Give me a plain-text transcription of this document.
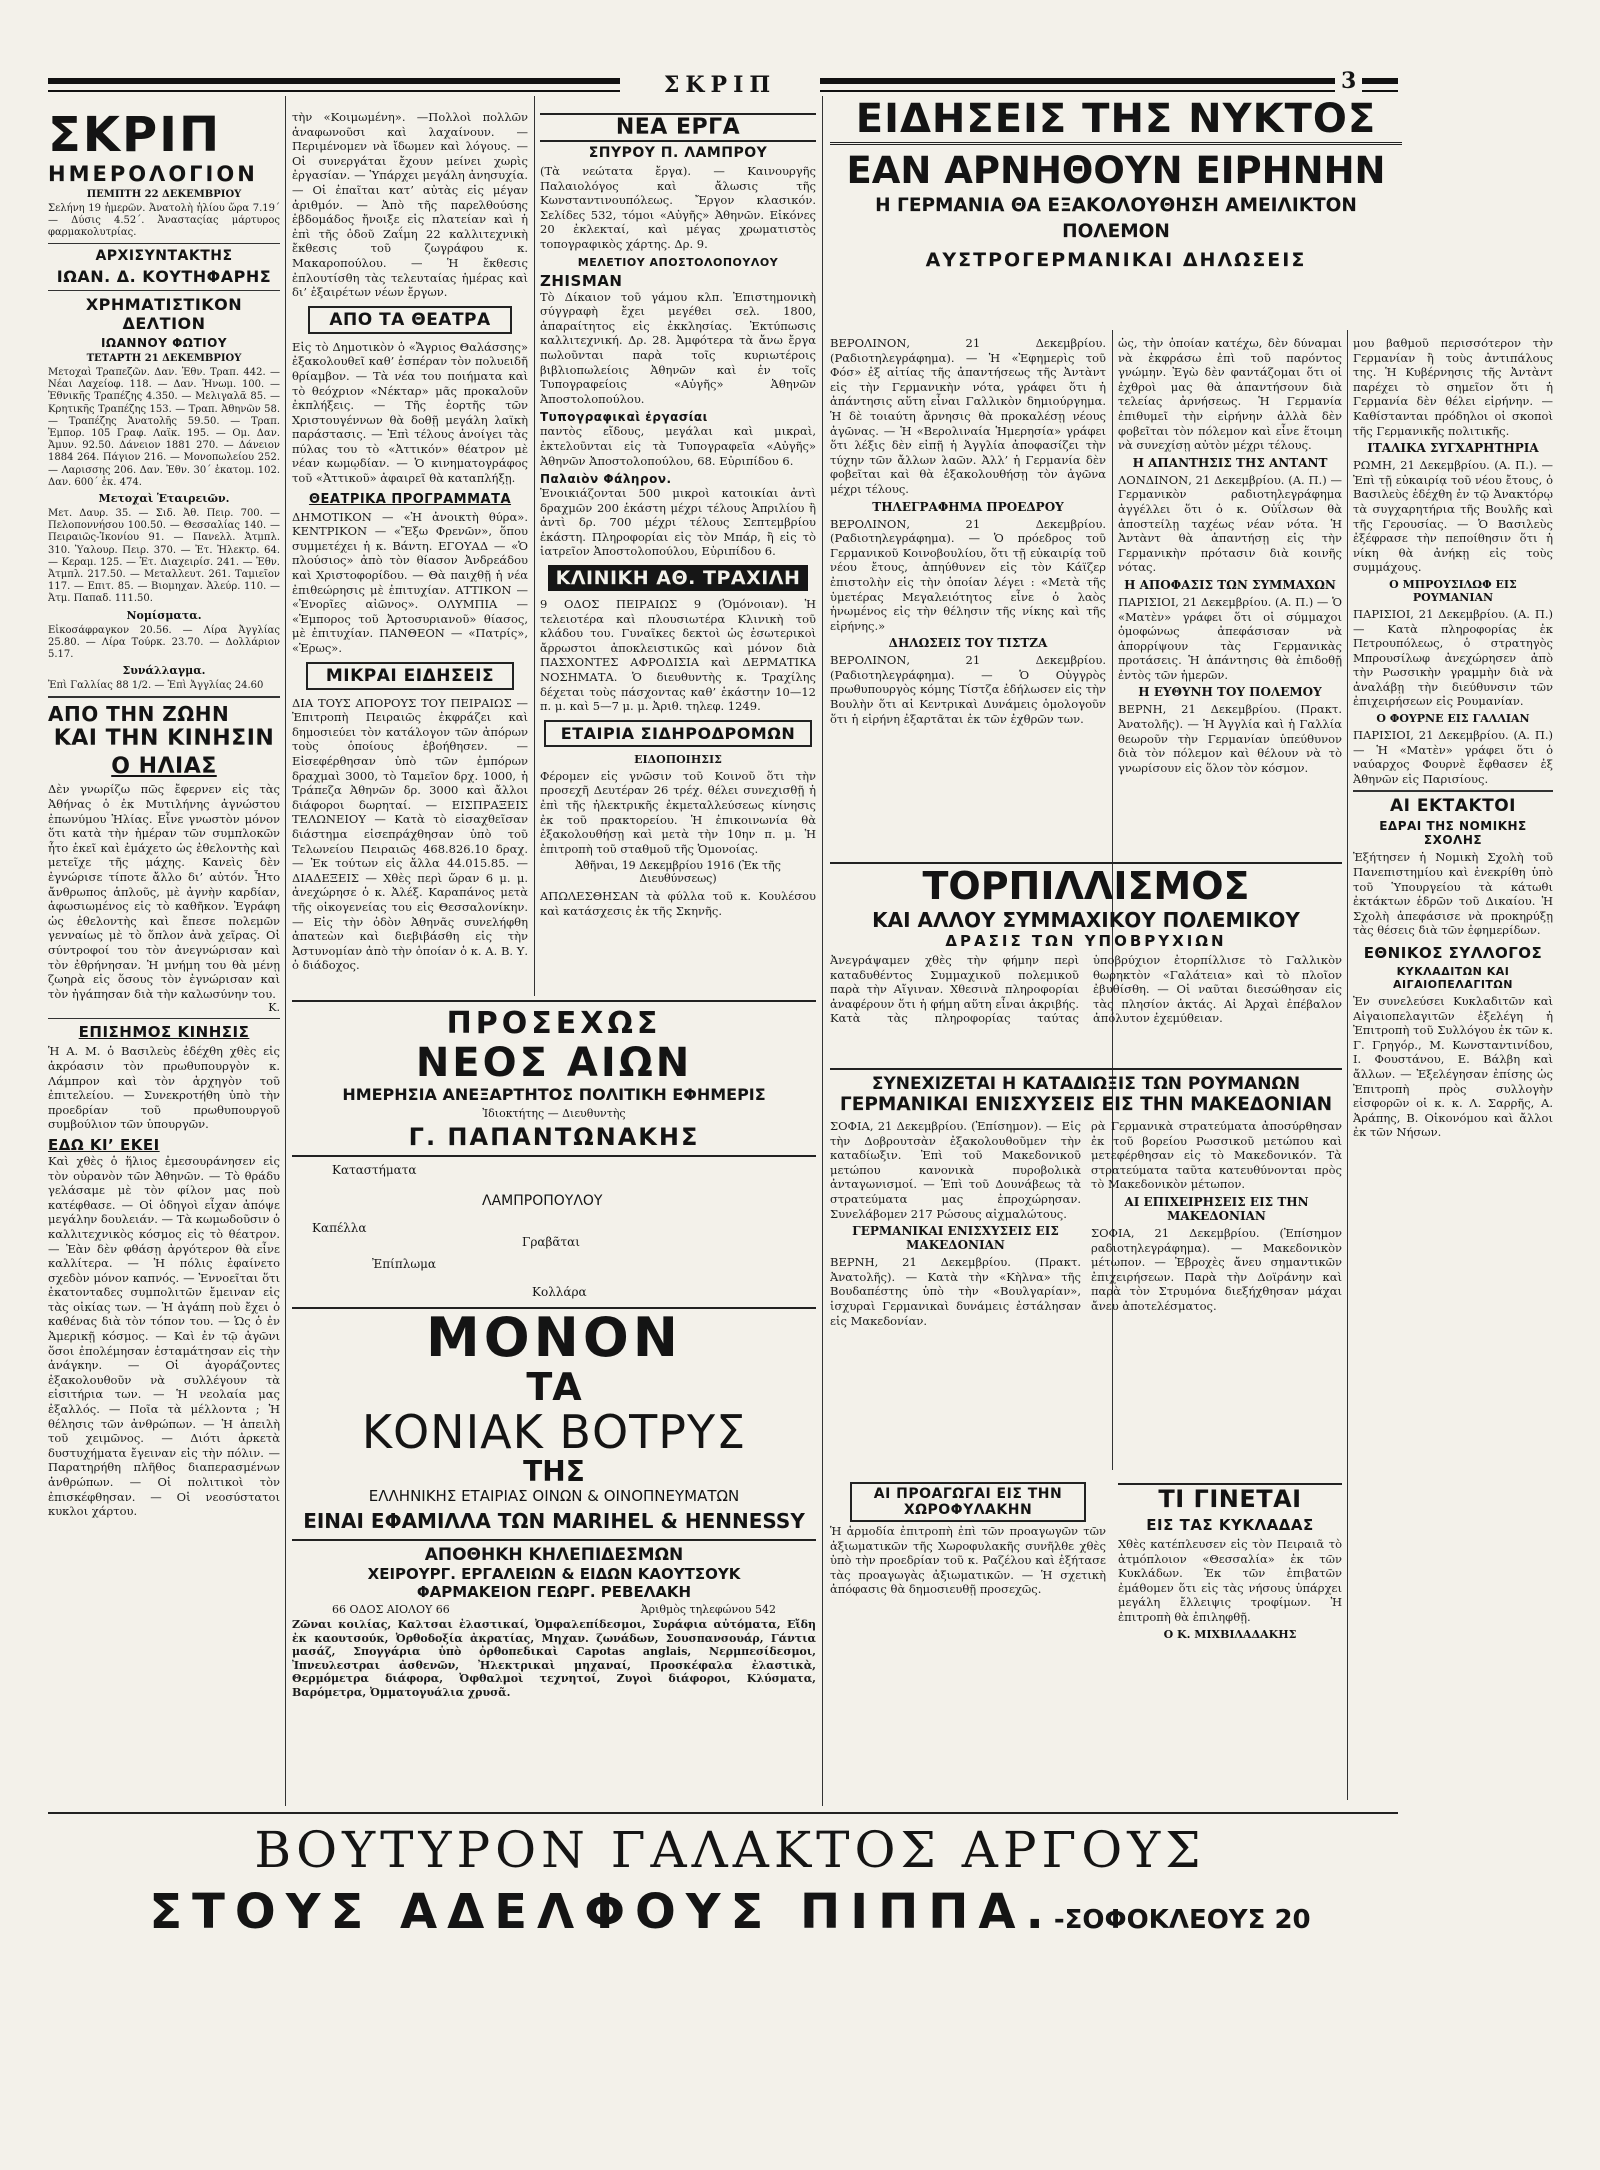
ΣΚΡΙΠ	3
ΣΚΡΙΠ
ΗΜΕΡΟΛΟΓΙΟΝ
ΠΕΜΠΤΗ 22 ΔΕΚΕΜΒΡΙΟΥ
Σελήνη 19 ἡμερῶν. Ἀνατολὴ ἡλίου ὥρα 7.19΄ — Δύσις 4.52΄. Ἀνασταςίας μάρτυρος φαρμακολυτρίας.
ΑΡΧΙΣΥΝΤΑΚΤΗΣ
ΙΩΑΝ. Δ. ΚΟΥΤΗΦΑΡΗΣ
ΧΡΗΜΑΤΙΣΤΙΚΟΝ ΔΕΛΤΙΟΝ
ΙΩΑΝΝΟΥ ΦΩΤΙΟΥ
ΤΕΤΑΡΤΗ 21 ΔΕΚΕΜΒΡΙΟΥ
Μετοχαὶ Τραπεζῶν. Δαν. Ἐθν. Τραπ. 442. — Νέαι Λαχείοφ. 118. — Δαν. Ἡνωμ. 100. — Ἐθνικῆς Τραπέζης 4.350. — Μελιγαλᾶ 85. — Κρητικῆς Τραπέζης 153. — Τραπ. Ἀθηνῶν 58. — Τραπέζης Ἀνατολῆς 59.50. — Τραπ. Ἐμπορ. 105 Γραφ. Λαϊκ. 195. — Ομ. Δαν. Ἀμυν. 92.50. Δάνειον 1881 270. — Δάνειον 1884 264. Πάγιον 216. — Μονοπωλείου 252. — Λαρισσης 206. Δαν. Ἐθν. 30΄ ἑκατομ. 102. Δαν. 600΄ ἑκ. 474.
Μετοχαὶ Ἑταιρειῶν.
Μετ. Δαυρ. 35. — Σιδ. Ἀθ. Πειρ. 700. — Πελοποννήσου 100.50. — Θεσσαλίας 140. — Πειραιῶς-Ἰκονίου 91. — Πανελλ. Ἀτμπλ. 310. Ὑαλουρ. Πειρ. 370. — Ἐτ. Ἠλεκτρ. 64. — Κεραμ. 125. — Ἐτ. Διαχειρίσ. 241. — Ἐθν. Ἀτμπλ. 217.50. — Μεταλλευτ. 261. Ταμιεῖον 117. — Επιτ. 85. — Βιομηχαν. Ἀλεύρ. 110. — Ἀτμ. Παπαδ. 111.50.
Νομίσματα.
Εἰκοσάφραγκον 20.56. — Λίρα Ἀγγλίας 25.80. — Λίρα Τούρκ. 23.70. — Δολλάριον 5.17.
Συνάλλαγμα.
Ἐπὶ Γαλλίας 88 1/2. — Ἐπὶ Ἀγγλίας 24.60
ΑΠΟ ΤΗΝ ΖΩΗΝ
ΚΑΙ ΤΗΝ ΚΙΝΗΣΙΝ
Ο ΗΛΙΑΣ
Δὲν γνωρίζω πῶς ἔφερνεν εἰς τὰς Ἀθήνας ὁ ἐκ Μυτιλήνης ἀγνώστου ἐπωνύμου Ἡλίας. Εἶνε γνωστὸν μόνον ὅτι κατὰ τὴν ἡμέραν τῶν συμπλοκῶν ἦτο ἐκεῖ καὶ ἐμάχετο ὡς ἐθελοντὴς καὶ μετεῖχε τῆς μάχης. Κανεὶς δὲν ἐγνώρισε τίποτε ἄλλο δι’ αὐτόν. Ἦτο ἄνθρωπος ἁπλοῦς, μὲ ἀγνὴν καρδίαν, ἀφωσιωμένος εἰς τὸ καθῆκον. Ἐγράφη ὡς ἐθελοντὴς καὶ ἔπεσε πολεμῶν γενναίως μὲ τὸ ὅπλον ἀνὰ χεῖρας. Οἱ σύντροφοί του τὸν ἀνεγνώρισαν καὶ τὸν ἐθρήνησαν. Ἡ μνήμη του θὰ μένῃ ζωηρὰ εἰς ὅσους τὸν ἐγνώρισαν καὶ τὸν ἠγάπησαν διὰ τὴν καλωσύνην του.
Κ.
ΕΠΙΣΗΜΟΣ ΚΙΝΗΣΙΣ
Ἡ Α. Μ. ὁ Βασιλεὺς ἐδέχθη χθὲς εἰς ἀκρόασιν τὸν πρωθυπουργὸν κ. Λάμπρον καὶ τὸν ἀρχηγὸν τοῦ ἐπιτελείου. — Συνεκροτήθη ὑπὸ τὴν προεδρίαν τοῦ πρωθυπουργοῦ συμβούλιον τῶν ὑπουργῶν.
ΕΔΩ ΚΙ’ ΕΚΕΙ
Καὶ χθὲς ὁ ἥλιος ἐμεσουράνησεν εἰς τὸν οὐρανὸν τῶν Ἀθηνῶν. — Τὸ θράδυ γελάσαμε μὲ τὸν φίλον μας ποὺ κατέφθασε. — Οἱ ὀδηγοὶ εἶχαν ἀπόψε μεγάλην δουλειάν. — Τὰ κωμωδοῦσιν ὁ καλλιτεχνικὸς κόσμος εἰς τὸ θέατρον. — Ἐὰν δὲν φθάσῃ ἀργότερον θὰ εἶνε καλλίτερα. — Ἡ πόλις ἐφαίνετο σχεδὸν μόνον καπνός. — Ἐννοεῖται ὅτι ἐκατονταδες συμπολιτῶν ἔμειναν εἰς τὰς οἰκίας των. — Ἡ ἀγάπη ποὺ ἔχει ὁ καθένας διὰ τὸν τόπον του. — Ὡς ὁ ἐν Ἀμερικῇ κόσμος. — Καὶ ἐν τῷ ἀγῶνι ὅσοι ἐπολέμησαν ἐσταμάτησαν εἰς τὴν ἀνάγκην. — Οἱ ἀγοράζοντες ἐξακολουθοῦν νὰ συλλέγουν τὰ εἰσιτήρια των. — Ἡ νεολαία μας ἐξαλλός. — Ποῖα τὰ μέλλοντα ; Ἡ θέλησις τῶν ἀνθρώπων. — Ἡ ἀπειλὴ τοῦ χειμῶνος. — Διότι ἀρκετὰ δυστυχήματα ἔγειναν εἰς τὴν πόλιν. — Παρατηρήθη πλῆθος διαπερασμένων ἀνθρώπων. — Οἱ πολιτικοὶ τὸν ἐπισκέφθησαν. — Οἱ νεοσύστατοι κυκλοι χάρτου.
τὴν «Κοιμωμένη». —Πολλοὶ πολλῶν ἀναφωνοῦσι καὶ λαχαίνουν. — Περιμένομεν νὰ ἴδωμεν καὶ λόγους. — Οἱ συνεργάται ἔχουν μείνει χωρὶς ἐργασίαν. — Ὑπάρχει μεγάλη ἀνησυχία. — Οἱ ἐπαῖται κατ’ αὐτὰς εἰς μέγαν ἀριθμόν. — Ἀπὸ τῆς παρελθούσης ἑβδομάδος ἤνοιξε εἰς πλατείαν καὶ ἡ ἐπὶ τῆς ὁδοῦ Ζαΐμη 22 καλλιτεχνικὴ ἔκθεσις τοῦ ζωγράφου κ. Μακαροπούλου. — Ἡ ἔκθεσις ἐπλουτίσθη τὰς τελευταίας ἡμέρας καὶ δι’ ἐξαιρέτων νέων ἔργων.
ΑΠΟ ΤΑ ΘΕΑΤΡΑ
Εἰς τὸ Δημοτικὸν ὁ «Ἄγριος Θαλάσσης» ἐξακολουθεῖ καθ’ ἑσπέραν τὸν πολυειδῆ θρίαμβον. — Τὰ νέα του ποιήματα καὶ τὸ θεόχριον «Νέκταρ» μᾶς προκαλοῦν ἐκπλήξεις. — Τῆς ἑορτῆς τῶν Χριστουγέννων θὰ δοθῇ μεγάλη λαϊκὴ παράστασις. — Ἐπὶ τέλους ἀνοίγει τὰς πύλας του τὸ «Ἀττικόν» θέατρον μὲ νέαν κωμῳδίαν. — Ὁ κινηματογράφος τοῦ «Ἀττικοῦ» ἀφαιρεῖ θὰ καταπλήξῃ.
ΘΕΑΤΡΙΚΑ ΠΡΟΓΡΑΜΜΑΤΑ
ΔΗΜΟΤΙΚΟΝ — «Ἡ ἀνοικτὴ θύρα». ΚΕΝΤΡΙΚΟΝ — «Ἔξω Φρενῶν», ὅπου συμμετέχει ἡ κ. Βάντη. ΕΓΟΥΑΔ — «Ὁ πλούσιος» ἀπὸ τὸν θίασον Ἀνδρεάδου καὶ Χριστοφορίδου. — Θὰ παιχθῇ ἡ νέα ἐπιθεώρησις μὲ ἐπιτυχίαν. ΑΤΤΙΚΟΝ — «Ἐνορῖες αἰῶνος». ΟΛΥΜΠΙΑ — «Ἑμπορος τοῦ Ἀρτοσυριανοῦ» θίασος, μὲ ἐπιτυχίαν. ΠΑΝΘΕΟΝ — «Πατρίς», «Ἑρως».
ΜΙΚΡΑΙ ΕΙΔΗΣΕΙΣ
ΔΙΑ ΤΟΥΣ ΑΠΟΡΟΥΣ ΤΟΥ ΠΕΙΡΑΙΩΣ — Ἐπιτροπὴ Πειραιῶς ἐκφράζει καὶ δημοσιεύει τὸν κατάλογον τῶν ἀπόρων τοὺς ὁποίους ἐβοήθησεν. — Εἰσεφέρθησαν ὑπὸ τῶν ἐμπόρων δραχμαὶ 3000, τὸ Ταμεῖον δρχ. 1000, ἡ Τράπεζα Ἀθηνῶν δρ. 3000 καὶ ἄλλοι διάφοροι δωρηταί. — ΕΙΣΠΡΑΞΕΙΣ ΤΕΛΩΝΕΙΟΥ — Κατὰ τὸ εἰσαχθεῖσαν διάστημα εἰσεπράχθησαν ὑπὸ τοῦ Τελωνείου Πειραιῶς 468.826.10 δραχ. — Ἐκ τούτων εἰς ἄλλα 44.015.85. — ΔΙΑΔΕΞΕΙΣ — Χθὲς περὶ ὥραν 6 μ. μ. ἀνεχώρησε ὁ κ. Ἀλέξ. Καραπάνος μετὰ τῆς οἰκογενείας του εἰς Θεσσαλονίκην. — Εἰς τὴν ὁδὸν Ἀθηνᾶς συνελήφθη ἀπατεὼν καὶ διεβιβάσθη εἰς τὴν Ἀστυνομίαν ἀπὸ τὴν ὁποίαν ὁ κ. Α. Β. Υ. ὁ διάδοχος.
ΝΕΑ ΕΡΓΑ
ΣΠΥΡΟΥ Π. ΛΑΜΠΡΟΥ
(Τὰ νεώτατα ἔργα). — Καινουργῆς Παλαιολόγος καὶ ἄλωσις τῆς Κωνσταντινουπόλεως. Ἔργον κλασικόν. Σελίδες 532, τόμοι «Αὐγῆς» Ἀθηνῶν. Εἰκόνες 20 ἐκλεκταί, καὶ μέγας χρωματιστὸς τοπογραφικὸς χάρτης. Δρ. 9.
ΜΕΛΕΤΙΟΥ ΑΠΟΣΤΟΛΟΠΟΥΛΟΥ
ZHISMAN
Τὸ Δίκαιον τοῦ γάμου κλπ. Ἐπιστημονικὴ σύγγραφὴ ἔχει μεγέθει σελ. 1800, ἀπαραίτητος εἰς ἐκκλησίας. Ἐκτύπωσις καλλιτεχνική. Δρ. 28. Ἀμφότερα τὰ ἄνω ἔργα πωλοῦνται παρὰ τοῖς κυριωτέροις βιβλιοπωλείοις Ἀθηνῶν καὶ ἐν τοῖς Τυπογραφείοις «Αὐγῆς» Ἀθηνῶν Ἀποστολοπούλου.
Τυπογραφικαὶ ἐργασίαι
παντὸς εἴδους, μεγάλαι καὶ μικραὶ, ἐκτελοῦνται εἰς τὰ Τυπογραφεῖα «Αὐγῆς» Ἀθηνῶν Ἀποστολοπούλου, 68. Εὐριπίδου 6.
Παλαιὸν Φάληρον.
Ἐνοικιάζονται 500 μικροὶ κατοικίαι ἀντὶ δραχμῶν 200 ἑκάστη μέχρι τέλους Ἀπριλίου ἢ ἀντὶ δρ. 700 μέχρι τέλους Σεπτεμβρίου ἑκάστη. Πληροφορίαι εἰς τὸν Μπάρ, ἢ εἰς τὸ ἰατρεῖον Ἀποστολοπούλου, Εὐριπίδου 6.
ΚΛΙΝΙΚΗ ΑΘ. ΤΡΑΧΙΛΗ
9 ΟΔΟΣ ΠΕΙΡΑΙΩΣ 9 (Ὁμόνοιαν). Ἡ τελειοτέρα καὶ πλουσιωτέρα Κλινικὴ τοῦ κλάδου του. Γυναῖκες δεκτοὶ ὡς ἐσωτερικοὶ ἄρρωστοι ἀποκλειστικῶς καὶ μόνον διὰ ΠΑΣΧΟΝΤΕΣ ΑΦΡΟΔΙΣΙΑ καὶ ΔΕΡΜΑΤΙΚΑ ΝΟΣΗΜΑΤΑ. Ὁ διευθυντὴς κ. Τραχίλης δέχεται τοὺς πάσχοντας καθ’ ἑκάστην 10—12 π. μ. καὶ 5—7 μ. μ. Ἀριθ. τηλεφ. 1249.
ΕΤΑΙΡΙΑ ΣΙΔΗΡΟΔΡΟΜΩΝ
ΕΙΔΟΠΟΙΗΣΙΣ
Φέρομεν εἰς γνῶσιν τοῦ Κοινοῦ ὅτι τὴν προσεχῆ Δευτέραν 26 τρέχ. θέλει συνεχισθῇ ἡ ἐπὶ τῆς ἠλεκτρικῆς ἐκμεταλλεύσεως κίνησις ἐκ τοῦ πρακτορείου. Ἡ ἐπικοινωνία θὰ ἐξακολουθήσῃ καὶ μετὰ τὴν 10ην π. μ. Ἡ ἐπιτροπὴ τοῦ σταθμοῦ τῆς Ὁμονοίας.
Ἀθῆναι, 19 Δεκεμβρίου 1916 (Ἐκ τῆς Διευθύνσεως)
ΑΠΩΛΕΣΘΗΣΑΝ τὰ φύλλα τοῦ κ. Κουλέσου καὶ κατάσχεσις ἐκ τῆς Σκηνῆς.
ΠΡΟΣΕΧΩΣ
ΝΕΟΣ ΑΙΩΝ
ΗΜΕΡΗΣΙΑ ΑΝΕΞΑΡΤΗΤΟΣ ΠΟΛΙΤΙΚΗ ΕΦΗΜΕΡΙΣ
Ἰδιοκτήτης — Διευθυντὴς
Γ. ΠΑΠΑΝΤΩΝΑΚΗΣ
Καταστήματα
ΛΑΜΠΡΟΠΟΥΛΟΥ
Καπέλλα
Γραβᾶται
Ἐπίπλωμα
Κολλάρα
ΜΟΝΟΝ
ΤΑ
ΚΟΝΙΑΚ ΒΟΤΡΥΣ
ΤΗΣ
ΕΛΛΗΝΙΚΗΣ ΕΤΑΙΡΙΑΣ ΟΙΝΩΝ & ΟΙΝΟΠΝΕΥΜΑΤΩΝ
ΕΙΝΑΙ ΕΦΑΜΙΛΛΑ ΤΩΝ MARIHEL & HENNESSY
ΑΠΟΘΗΚΗ ΚΗΛΕΠΙΔΕΣΜΩΝ
ΧΕΙΡΟΥΡΓ. ΕΡΓΑΛΕΙΩΝ & ΕΙΔΩΝ ΚΑΟΥΤΣΟΥΚ
ΦΑΡΜΑΚΕΙΟΝ ΓΕΩΡΓ. ΡΕΒΕΛΑΚΗ
66 ΟΔΟΣ ΑΙΟΛΟΥ 66	Ἀριθμὸς τηλεφώνου 542
Ζῶναι κοιλίας, Καλτσαι ἐλαστικαί, Ὀμφαλεπίδεσμοι, Συράφια αὐτόματα, Εἴδη ἐκ καουτσούκ, Ὀρθοδοξία ἀκρατίας, Μηχαν. ζωνάδων, Σουσπανσουάρ, Γάντια μασάζ, Σπογγάρια ὑπὸ ὀρθοπεδικαὶ Capotas anglais, Νερμπεσίδεσμοι, Ἰπνευλεστραι ἀσθενῶν, Ἠλεκτρικαὶ μηχαναί, Προσκέφαλα ἐλαστικὰ, Θερμόμετρα διάφορα, Ὀφθαλμοὶ τεχνητοί, Ζυγοὶ διάφοροι, Κλύσματα, Βαρόμετρα, Ὀμματογυάλια χρυσᾶ.
ΕΙΔΗΣΕΙΣ ΤΗΣ ΝΥΚΤΟΣ
ΕΑΝ ΑΡΝΗΘΟΥΝ ΕΙΡΗΝΗΝ
Η ΓΕΡΜΑΝΙΑ ΘΑ ΕΞΑΚΟΛΟΥΘΗΣΗ ΑΜΕΙΛΙΚΤΟΝ ΠΟΛΕΜΟΝ
ΑΥΣΤΡΟΓΕΡΜΑΝΙΚΑΙ ΔΗΛΩΣΕΙΣ
ΒΕΡΟΛΙΝΟΝ, 21 Δεκεμβρίου. (Ραδιοτηλεγράφημα). — Ἡ «Ἐφημερὶς τοῦ Φόσ» ἐξ αἰτίας τῆς ἀπαντήσεως τῆς Ἀντὰντ εἰς τὴν Γερμανικὴν νότα, γράφει ὅτι ἡ ἀπάντησις αὕτη εἶναι Γαλλικὸν δημιούργημα. Ἡ δὲ τοιαύτη ἄρνησις θὰ προκαλέσῃ νέους ἀγῶνας. — Ἡ «Βερολιναία Ἡμερησία» γράφει ὅτι λέξις δὲν εἰπῇ ἡ Ἀγγλία ἀποφασίζει τὴν τύχην τῶν ἄλλων λαῶν. Ἀλλ’ ἡ Γερμανία δὲν φοβεῖται καὶ θὰ ἐξακολουθήσῃ τὸν ἀγῶνα μέχρι τέλους.
ΤΗΛΕΓΡΑΦΗΜΑ ΠΡΟΕΔΡΟΥ
ΒΕΡΟΛΙΝΟΝ, 21 Δεκεμβρίου. (Ραδιοτηλεγράφημα). — Ὁ πρόεδρος τοῦ Γερμανικοῦ Κοινοβουλίου, ὅτι τῇ εὐκαιρίᾳ τοῦ νέου ἔτους, ἀπηύθυνεν εἰς τὸν Κάϊζερ ἐπιστολὴν εἰς τὴν ὁποίαν λέγει : «Μετὰ τῆς ὑμετέρας Μεγαλειότητος εἶνε ὁ λαὸς ἡνωμένος εἰς τὴν θέλησιν τῆς νίκης καὶ τῆς εἰρήνης.»
ΔΗΛΩΣΕΙΣ ΤΟΥ ΤΙΣΤΖΑ
ΒΕΡΟΛΙΝΟΝ, 21 Δεκεμβρίου. (Ραδιοτηλεγράφημα). — Ὁ Οὐγγρὸς πρωθυπουργὸς κόμης Τίστζα ἐδήλωσεν εἰς τὴν Βουλὴν ὅτι αἱ Κεντρικαὶ Δυνάμεις ὁμολογοῦν ὅτι ἡ εἰρήνη ἐξαρτᾶται ἐκ τῶν ἐχθρῶν των.
ὡς, τὴν ὁποίαν κατέχω, δὲν δύναμαι νὰ ἐκφράσω ἐπὶ τοῦ παρόντος γνώμην. Ἐγὼ δὲν φαντάζομαι ὅτι οἱ ἐχθροὶ μας θὰ ἀπαντήσουν διὰ τελείας ἀρνήσεως. Ἡ Γερμανία ἐπιθυμεῖ τὴν εἰρήνην ἀλλὰ δὲν φοβεῖται τὸν πόλεμον καὶ εἶνε ἕτοιμη νὰ συνεχίσῃ αὐτὸν μέχρι τέλους.
Η ΑΠΑΝΤΗΣΙΣ ΤΗΣ ΑΝΤΑΝΤ
ΛΟΝΔΙΝΟΝ, 21 Δεκεμβρίου. (Α. Π.) — Γερμανικὸν ραδιοτηλεγράφημα ἀγγέλλει ὅτι ὁ κ. Οὐΐλσων θὰ ἀποστείλῃ ταχέως νέαν νότα. Ἡ Ἀντὰντ θὰ ἀπαντήσῃ εἰς τὴν Γερμανικὴν πρότασιν διὰ κοινῆς νότας.
Η ΑΠΟΦΑΣΙΣ ΤΩΝ ΣΥΜΜΑΧΩΝ
ΠΑΡΙΣΙΟΙ, 21 Δεκεμβρίου. (Α. Π.) — Ὁ «Ματὲν» γράφει ὅτι οἱ σύμμαχοι ὁμοφώνως ἀπεφάσισαν νὰ ἀπορρίψουν τὰς Γερμανικὰς προτάσεις. Ἡ ἀπάντησις θὰ ἐπιδοθῇ ἐντὸς τῶν ἡμερῶν.
Η ΕΥΘΥΝΗ ΤΟΥ ΠΟΛΕΜΟΥ
ΒΕΡΝΗ, 21 Δεκεμβρίου. (Πρακτ. Ἀνατολῆς). — Ἡ Ἀγγλία καὶ ἡ Γαλλία θεωροῦν τὴν Γερμανίαν ὑπεύθυνον διὰ τὸν πόλεμον καὶ θέλουν νὰ τὸ γνωρίσουν εἰς ὅλον τὸν κόσμον.
μου βαθμοῦ περισσότερον τὴν Γερμανίαν ἢ τοὺς ἀντιπάλους της. Ἡ Κυβέρνησις τῆς Ἀντὰντ παρέχει τὸ σημεῖον ὅτι ἡ Γερμανία δὲν θέλει εἰρήνην. — Καθίστανται πρόδηλοι οἱ σκοποὶ τῆς Γερμανικῆς πολιτικῆς.
ΙΤΑΛΙΚΑ ΣΥΓΧΑΡΗΤΗΡΙΑ
ΡΩΜΗ, 21 Δεκεμβρίου. (Α. Π.). — Ἐπὶ τῇ εὐκαιρίᾳ τοῦ νέου ἔτους, ὁ Βασιλεὺς ἐδέχθη ἐν τῷ Ἀνακτόρῳ τὰ συγχαρητήρια τῆς Βουλῆς καὶ τῆς Γερουσίας. — Ὁ Βασιλεὺς ἐξέφρασε τὴν πεποίθησιν ὅτι ἡ νίκη θὰ ἀνήκῃ εἰς τοὺς συμμάχους.
Ο ΜΠΡΟΥΣΙΛΩΦ ΕΙΣ ΡΟΥΜΑΝΙΑΝ
ΠΑΡΙΣΙΟΙ, 21 Δεκεμβρίου. (Α. Π.) — Κατὰ πληροφορίας ἐκ Πετρουπόλεως, ὁ στρατηγὸς Μπρουσίλωφ ἀνεχώρησεν ἀπὸ τὴν Ρωσσικὴν γραμμὴν διὰ νὰ ἀναλάβῃ τὴν διεύθυνσιν τῶν ἐπιχειρήσεων εἰς Ρουμανίαν.
Ο ΦΟΥΡΝΕ ΕΙΣ ΓΑΛΛΙΑΝ
ΠΑΡΙΣΙΟΙ, 21 Δεκεμβρίου. (Α. Π.) — Ἡ «Ματὲν» γράφει ὅτι ὁ ναύαρχος Φουρνὲ ἔφθασεν ἐξ Ἀθηνῶν εἰς Παρισίους.
ΑΙ ΕΚΤΑΚΤΟΙ
ΕΔΡΑΙ ΤΗΣ ΝΟΜΙΚΗΣ ΣΧΟΛΗΣ
Ἐξήτησεν ἡ Νομικὴ Σχολὴ τοῦ Πανεπιστημίου καὶ ἐνεκρίθη ὑπὸ τοῦ Ὑπουργείου τὰ κάτωθι ἐκτάκτων ἑδρῶν τοῦ Δικαίου. Ἡ Σχολὴ ἀπεφάσισε νὰ προκηρύξῃ τὰς θέσεις διὰ τῶν ἐφημερίδων.
ΕΘΝΙΚΟΣ ΣΥΛΛΟΓΟΣ
ΚΥΚΛΑΔΙΤΩΝ ΚΑΙ ΑΙΓΑΙΟΠΕΛΑΓΙΤΩΝ
Ἐν συνελεύσει Κυκλαδιτῶν καὶ Αἰγαιοπελαγιτῶν ἐξελέγη ἡ Ἐπιτροπὴ τοῦ Συλλόγου ἐκ τῶν κ. Γ. Γρηγόρ., Μ. Κωνσταντινίδου, Ι. Φουστάνου, Ε. Βάλβη καὶ ἄλλων. — Ἐξελέγησαν ἐπίσης ὡς Ἐπιτροπὴ πρὸς συλλογὴν εἰσφορῶν οἱ κ. κ. Λ. Σαρρῆς, Α. Ἀράπης, Β. Οἰκονόμου καὶ ἄλλοι ἐκ τῶν Νήσων.
ΤΟΡΠΙΛΛΙΣΜΟΣ
ΚΑΙ ΑΛΛΟΥ ΣΥΜΜΑΧΙΚΟΥ ΠΟΛΕΜΙΚΟΥ
ΔΡΑΣΙΣ ΤΩΝ ΥΠΟΒΡΥΧΙΩΝ
Ἀνεγράψαμεν χθὲς τὴν φήμην περὶ καταδυθέντος Συμμαχικοῦ πολεμικοῦ παρὰ τὴν Αἴγιναν. Χθεσινὰ πληροφορίαι ἀναφέρουν ὅτι ἡ φήμη αὕτη εἶναι ἀκριβής. Κατὰ τὰς πληροφορίας ταύτας ὑποβρύχιον ἐτορπίλλισε τὸ Γαλλικὸν θωρηκτὸν «Γαλάτεια» καὶ τὸ πλοῖον ἐβυθίσθη. — Οἱ ναῦται διεσώθησαν εἰς τὰς πλησίον ἀκτάς. Αἱ Ἀρχαὶ ἐπέβαλον ἀπόλυτον ἐχεμύθειαν.
ΣΥΝΕΧΙΖΕΤΑΙ Η ΚΑΤΑΔΙΩΞΙΣ ΤΩΝ ΡΟΥΜΑΝΩΝ
ΓΕΡΜΑΝΙΚΑΙ ΕΝΙΣΧΥΣΕΙΣ ΕΙΣ ΤΗΝ ΜΑΚΕΔΟΝΙΑΝ
ΣΟΦΙΑ, 21 Δεκεμβρίου. (Ἐπίσημον). — Εἰς τὴν Δοβρουτσὰν ἐξακολουθοῦμεν τὴν καταδίωξιν. Ἐπὶ τοῦ Μακεδονικοῦ μετώπου κανονικὰ πυροβολικὰ ἀνταγωνισμοί. — Ἐπὶ τοῦ Δουνάβεως τὰ στρατεύματα μας ἐπροχώρησαν. Συνελάβομεν 217 Ρώσους αἰχμαλώτους.
ΓΕΡΜΑΝΙΚΑΙ ΕΝΙΣΧΥΣΕΙΣ ΕΙΣ ΜΑΚΕΔΟΝΙΑΝ
ΒΕΡΝΗ, 21 Δεκεμβρίου. (Πρακτ. Ἀνατολῆς). — Κατὰ τὴν «Κὴλνα» τῆς Βουδαπέστης ὑπὸ τὴν «Βουλγαρίαν», ἰσχυραὶ Γερμανικαὶ δυνάμεις ἐστάλησαν εἰς Μακεδονίαν.
ρὰ Γερμανικὰ στρατεύματα ἀποσύρθησαν ἐκ τοῦ βορείου Ρωσσικοῦ μετώπου καὶ μετεφέρθησαν εἰς τὸ Μακεδονικόν. Τὰ στρατεύματα ταῦτα κατευθύνονται πρὸς τὸ Μακεδονικὸν μέτωπον.
ΑΙ ΕΠΙΧΕΙΡΗΣΕΙΣ ΕΙΣ ΤΗΝ ΜΑΚΕΔΟΝΙΑΝ
ΣΟΦΙΑ, 21 Δεκεμβρίου. (Ἐπίσημον ραδιοτηλεγράφημα). — Μακεδονικὸν μέτωπον. — Ἐβροχὲς ἄνευ σημαντικῶν ἐπιχειρήσεων. Παρὰ τὴν Δοϊράνην καὶ παρὰ τὸν Στρυμόνα διεξήχθησαν μάχαι ἄνευ ἀποτελέσματος.
ΑΙ ΠΡΟΑΓΩΓΑΙ ΕΙΣ ΤΗΝ ΧΩΡΟΦΥΛΑΚΗΝ
Ἡ ἁρμοδία ἐπιτροπὴ ἐπὶ τῶν προαγωγῶν τῶν ἀξιωματικῶν τῆς Χωροφυλακῆς συνῆλθε χθὲς ὑπὸ τὴν προεδρίαν τοῦ κ. Ραζέλου καὶ ἐξήτασε τὰς προαγωγὰς ἀξιωματικῶν. — Ἡ σχετικὴ ἀπόφασις θὰ δημοσιευθῇ προσεχῶς.
ΤΙ ΓΙΝΕΤΑΙ
ΕΙΣ ΤΑΣ ΚΥΚΛΑΔΑΣ
Χθὲς κατέπλευσεν εἰς τὸν Πειραιᾶ τὸ ἀτμόπλοιον «Θεσσαλία» ἐκ τῶν Κυκλάδων. Ἐκ τῶν ἐπιβατῶν ἐμάθομεν ὅτι εἰς τὰς νήσους ὑπάρχει μεγάλη ἔλλειψις τροφίμων. Ἡ ἐπιτροπὴ θὰ ἐπιληφθῇ.
Ο Κ. ΜΙΧΒΙΛΑΔΑΚΗΣ
ΒΟΥΤΥΡΟΝ ΓΑΛΑΚΤΟΣ ΑΡΓΟΥΣ
ΣΤΟΥΣ ΑΔΕΛΦΟΥΣ ΠΙΠΠΑ.-ΣΟΦΟΚΛΕΟΥΣ 20
